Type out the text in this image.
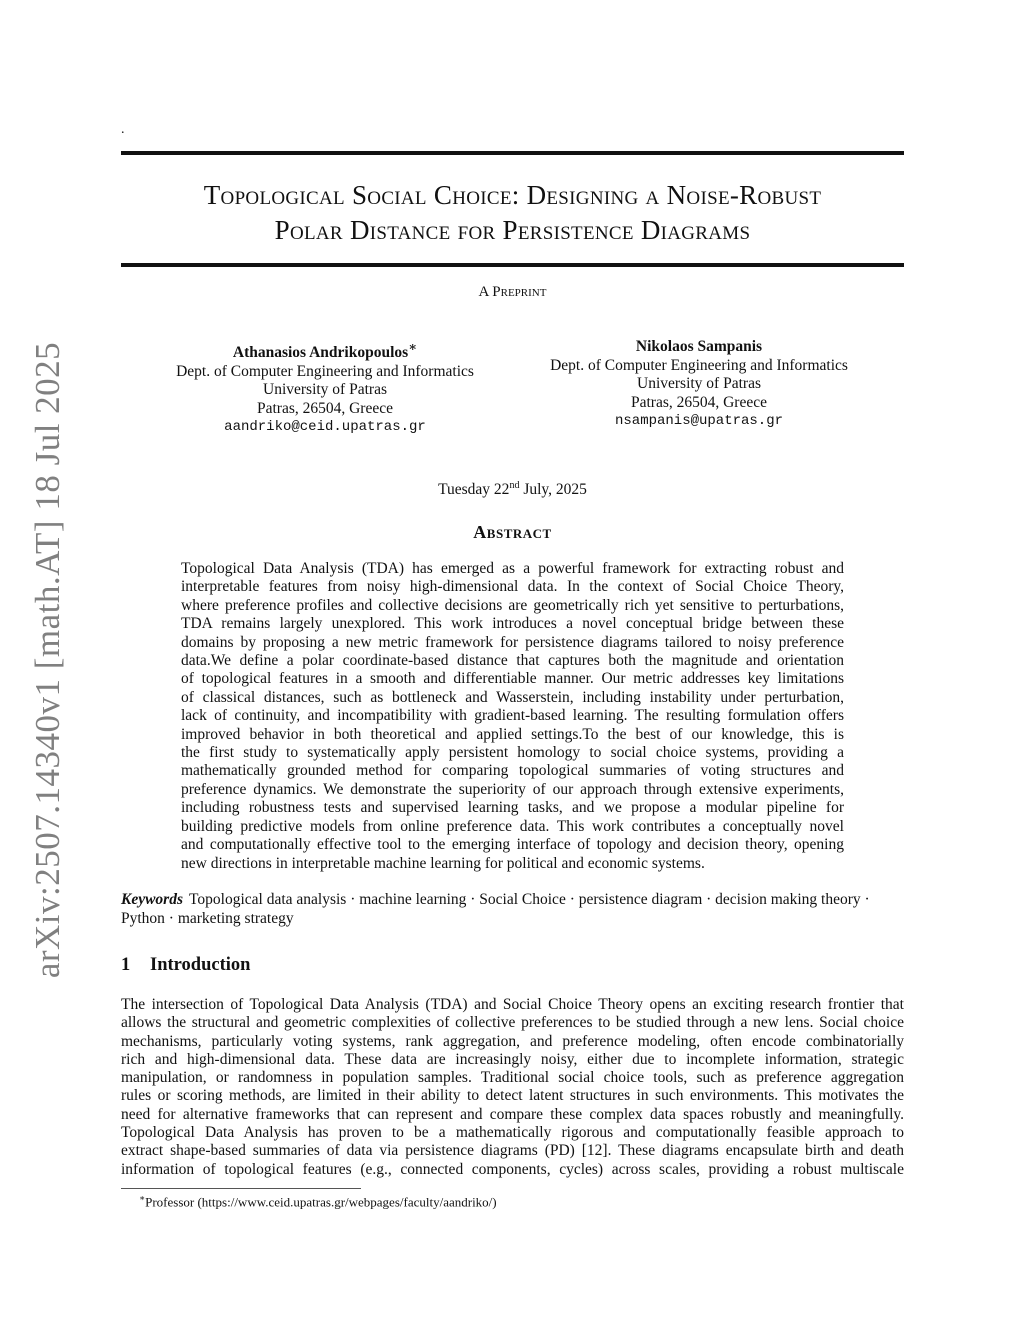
arXiv:2507.14340v1 [math.AT] 18 Jul 2025
.
Topological Social Choice: Designing a Noise-Robust
Polar Distance for Persistence Diagrams
A Preprint
Athanasios Andrikopoulos∗
Dept. of Computer Engineering and Informatics
University of Patras
Patras, 26504, Greece
aandriko@ceid.upatras.gr
Nikolaos Sampanis
Dept. of Computer Engineering and Informatics
University of Patras
Patras, 26504, Greece
nsampanis@upatras.gr
Tuesday 22nd July, 2025
Abstract
Topological Data Analysis (TDA) has emerged as a powerful framework for extracting robust and
interpretable features from noisy high-dimensional data. In the context of Social Choice Theory,
where preference profiles and collective decisions are geometrically rich yet sensitive to perturbations,
TDA remains largely unexplored. This work introduces a novel conceptual bridge between these
domains by proposing a new metric framework for persistence diagrams tailored to noisy preference
data.We define a polar coordinate-based distance that captures both the magnitude and orientation
of topological features in a smooth and differentiable manner. Our metric addresses key limitations
of classical distances, such as bottleneck and Wasserstein, including instability under perturbation,
lack of continuity, and incompatibility with gradient-based learning. The resulting formulation offers
improved behavior in both theoretical and applied settings.To the best of our knowledge, this is
the first study to systematically apply persistent homology to social choice systems, providing a
mathematically grounded method for comparing topological summaries of voting structures and
preference dynamics. We demonstrate the superiority of our approach through extensive experiments,
including robustness tests and supervised learning tasks, and we propose a modular pipeline for
building predictive models from online preference data. This work contributes a conceptually novel
and computationally effective tool to the emerging interface of topology and decision theory, opening
new directions in interpretable machine learning for political and economic systems.
Keywords Topological data analysis · machine learning · Social Choice · persistence diagram · decision making theory ·
Python · marketing strategy
1 Introduction
The intersection of Topological Data Analysis (TDA) and Social Choice Theory opens an exciting research frontier that
allows the structural and geometric complexities of collective preferences to be studied through a new lens. Social choice
mechanisms, particularly voting systems, rank aggregation, and preference modeling, often encode combinatorially
rich and high-dimensional data. These data are increasingly noisy, either due to incomplete information, strategic
manipulation, or randomness in population samples. Traditional social choice tools, such as preference aggregation
rules or scoring methods, are limited in their ability to detect latent structures in such environments. This motivates the
need for alternative frameworks that can represent and compare these complex data spaces robustly and meaningfully.
Topological Data Analysis has proven to be a mathematically rigorous and computationally feasible approach to
extract shape-based summaries of data via persistence diagrams (PD) [12]. These diagrams encapsulate birth and death
information of topological features (e.g., connected components, cycles) across scales, providing a robust multiscale
∗Professor (https://www.ceid.upatras.gr/webpages/faculty/aandriko/)
